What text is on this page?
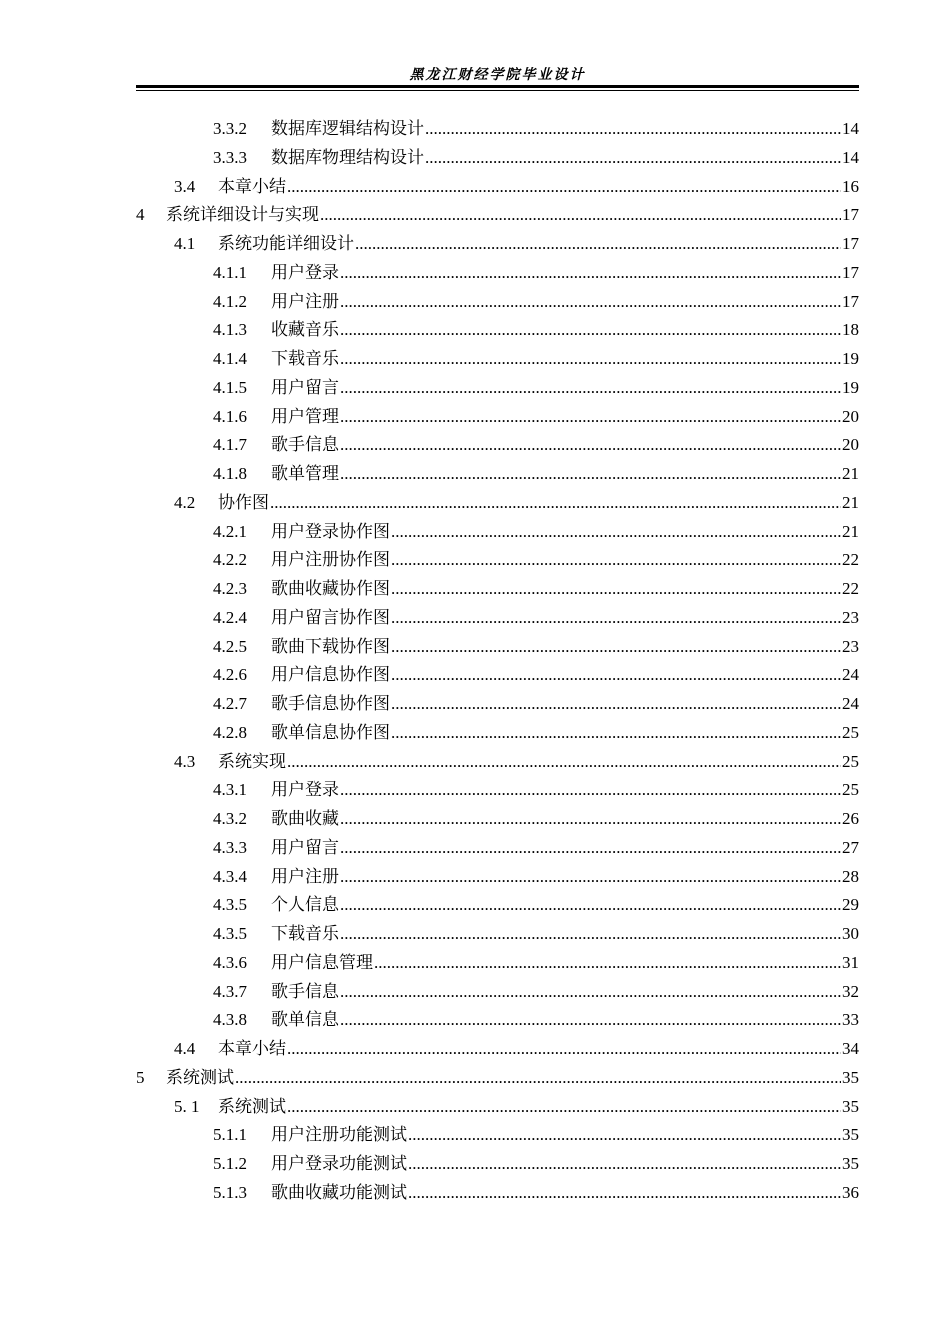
黑龙江财经学院毕业设计
3.3.2	数据库逻辑结构设计 .....	14
3.3.3	数据库物理结构设计 .....	14
3.4	本章小结 .....	16
4	系统详细设计与实现 .....	17
4.1	系统功能详细设计 .....	17
4.1.1	用户登录 .....	17
4.1.2	用户注册 .....	17
4.1.3	收藏音乐 .....	18
4.1.4	下载音乐 .....	19
4.1.5	用户留言 .....	19
4.1.6	用户管理 .....	20
4.1.7	歌手信息 .....	20
4.1.8	歌单管理 .....	21
4.2	协作图 .....	21
4.2.1	用户登录协作图 .....	21
4.2.2	用户注册协作图 .....	22
4.2.3	歌曲收藏协作图 .....	22
4.2.4	用户留言协作图 .....	23
4.2.5	歌曲下载协作图 .....	23
4.2.6	用户信息协作图 .....	24
4.2.7	歌手信息协作图 .....	24
4.2.8	歌单信息协作图 .....	25
4.3	系统实现 .....	25
4.3.1	用户登录 .....	25
4.3.2	歌曲收藏 .....	26
4.3.3	用户留言 .....	27
4.3.4	用户注册 .....	28
4.3.5	个人信息 .....	29
4.3.5	下载音乐 .....	30
4.3.6	用户信息管理 .....	31
4.3.7	歌手信息 .....	32
4.3.8	歌单信息 .....	33
4.4	本章小结 .....	34
5	系统测试 .....	35
5. 1	系统测试 .....	35
5.1.1	用户注册功能测试 .....	35
5.1.2	用户登录功能测试 .....	35
5.1.3	歌曲收藏功能测试 .....	36
